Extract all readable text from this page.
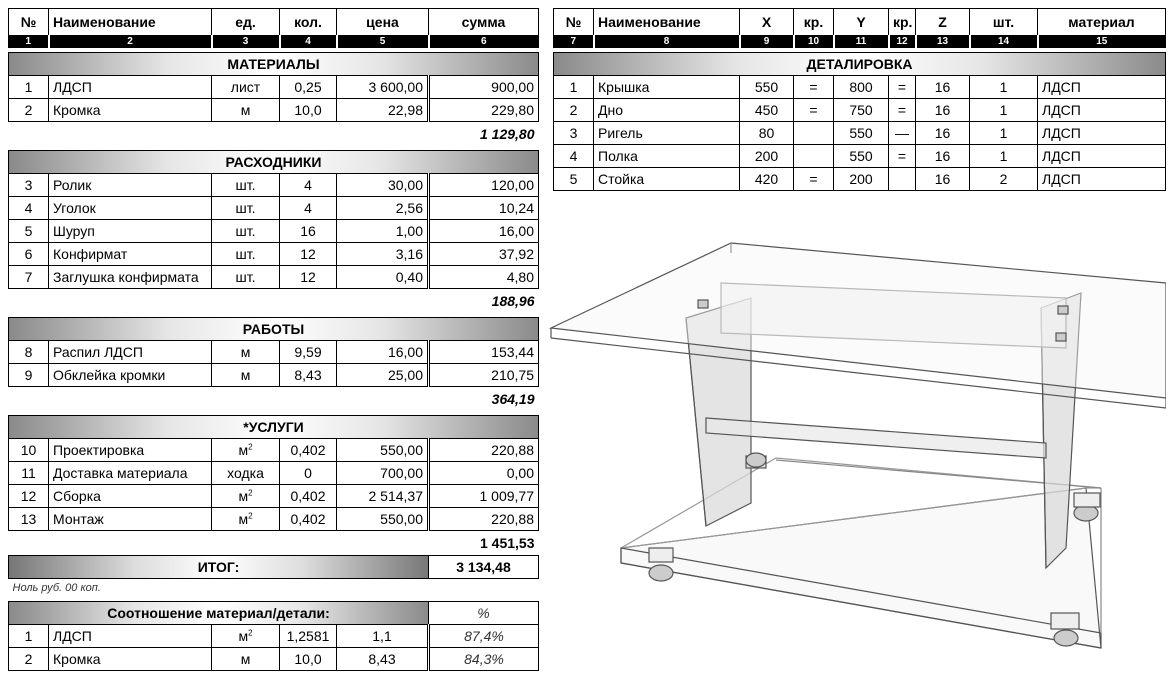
№	Наименование	ед.	кол.	цена	сумма
1	2	3	4	5	6

МАТЕРИАЛЫ					
1	ЛДСП	лист	0,25	3 600,00	900,00
2	Кромка	м	10,0	22,98	229,80
					1 129,80

РАСХОДНИКИ					
3	Ролик	шт.	4	30,00	120,00
4	Уголок	шт.	4	2,56	10,24
5	Шуруп	шт.	16	1,00	16,00
6	Конфирмат	шт.	12	3,16	37,92
7	Заглушка конфирмата	шт.	12	0,40	4,80
					188,96

РАБОТЫ					
8	Распил ЛДСП	м	9,59	16,00	153,44
9	Обклейка кромки	м	8,43	25,00	210,75
					364,19

*УСЛУГИ					
10	Проектировка	$м^2$	0,402	550,00	220,88
11	Доставка материала	ходка	0	700,00	0,00
12	Сборка	$м^2$	0,402	2 514,37	1 009,77
13	Монтаж	$м^2$	0,402	550,00	220,88
					1 451,53
ИТОГ:					3 134,48
Ноль руб. 00 коп.					

Соотношение материал/детали:					%
1	ЛДСП	$м^2$	1,2581	1,1	87,4%
2	Кромка	м	10,0	8,43	84,3%
№	Наименование	X	кр.	Y	кр.	Z	шт.	материал
7	8	9	10	11	12	13	14	15

ДЕТАЛИРОВКА								
1	Крышка	550	=	800	=	16	1	ЛДСП
2	Дно	450	=	750	=	16	1	ЛДСП
3	Ригель	80		550	—	16	1	ЛДСП
4	Полка	200		550	=	16	1	ЛДСП
5	Стойка	420	=	200		16	2	ЛДСП
